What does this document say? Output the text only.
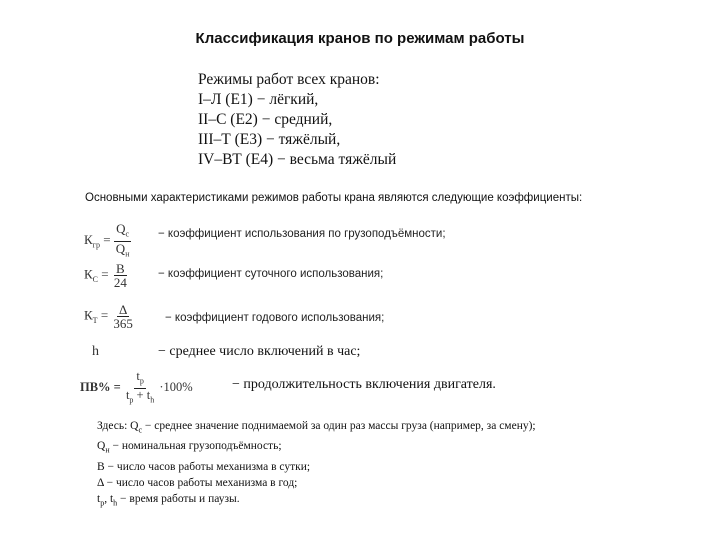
Классификация кранов по режимам работы
Режимы работ всех кранов:
I–Л (Е1) − лёгкий,
II–С (Е2) − средний,
III–Т (Е3) − тяжёлый,
IV–ВТ (Е4) − весьма тяжёлый
Основными характеристиками режимов работы крана являются следующие коэффициенты:
$К_{гр} = \frac{Q_с}{Q_н}$ − коэффициент использования по грузоподъёмности;
$К_С = \frac{В}{24}$	− коэффициент суточного использования;
$К_Т = \frac{\Delta}{365}$	− коэффициент годового использования;
h	− среднее число включений в час;
$ПВ\% = \frac{t_р}{t_р + t_h} \cdot 100\%$	− продолжительность включения двигателя.
Здесь: $Q_с$ − среднее значение поднимаемой за один раз массы груза (например, за смену);
$Q_н$ − номинальная грузоподъёмность;
В − число часов работы механизма в сутки;
Δ − число часов работы механизма в год;
$t_р$, $t_h$ − время работы и паузы.
